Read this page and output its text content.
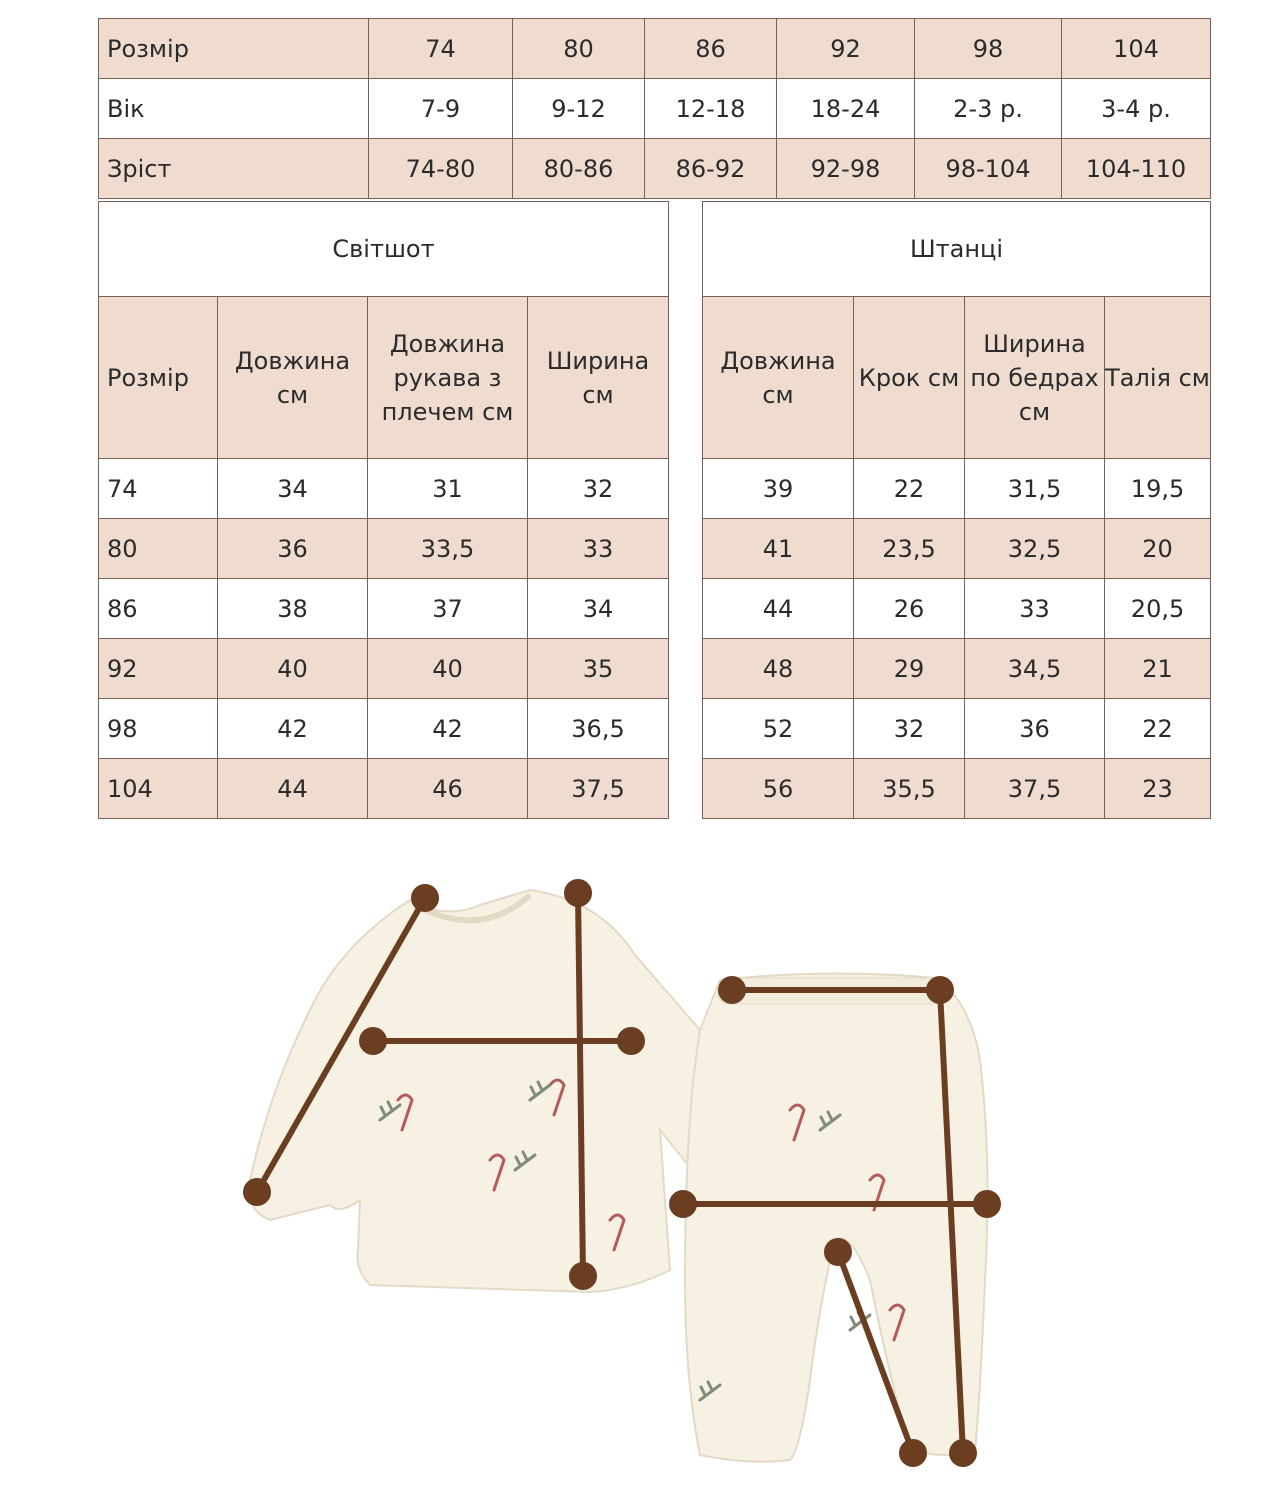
Розмір	74	80	86	92	98	104
Вік	7-9	9-12	12-18	18-24	2-3 р.	3-4 р.
Зріст	74-80	80-86	86-92	92-98	98-104	104-110
Світшот			
Розмір	Довжина см	Довжина рукава з плечем см	Ширина см
74	34	31	32
80	36	33,5	33
86	38	37	34
92	40	40	35
98	42	42	36,5
104	44	46	37,5
Штанці			
Довжина см	Крок см	Ширина по бедрах см	Талія см
39	22	31,5	19,5
41	23,5	32,5	20
44	26	33	20,5
48	29	34,5	21
52	32	36	22
56	35,5	37,5	23
